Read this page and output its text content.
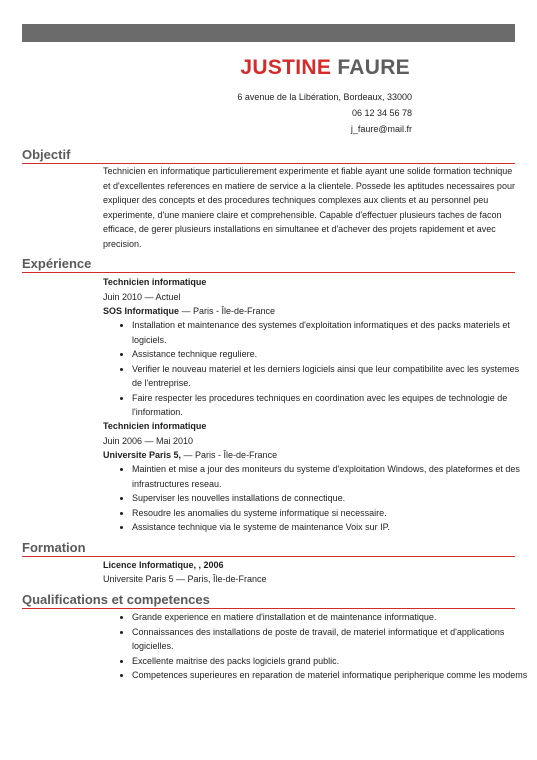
JUSTINE FAURE
6 avenue de la Libération, Bordeaux, 33000
06 12 34 56 78
j_faure@mail.fr
Objectif
Technicien en informatique particulierement experimente et fiable ayant une solide formation technique et d'excellentes references en matiere de service a la clientele. Possede les aptitudes necessaires pour expliquer des concepts et des procedures techniques complexes aux clients et au personnel peu experimente, d'une maniere claire et comprehensible. Capable d'effectuer plusieurs taches de facon efficace, de gerer plusieurs installations en simultanee et d'achever des projets rapidement et avec precision.
Expérience
Technicien informatique
Juin 2010 — Actuel
SOS Informatique — Paris - Île-de-France
• Installation et maintenance des systemes d'exploitation informatiques et des packs materiels et logiciels.
• Assistance technique reguliere.
• Verifier le nouveau materiel et les derniers logiciels ainsi que leur compatibilite avec les systemes de l'entreprise.
• Faire respecter les procedures techniques en coordination avec les equipes de technologie de l'information.
Technicien informatique
Juin 2006 — Mai 2010
Universite Paris 5, — Paris - Île-de-France
• Maintien et mise a jour des moniteurs du systeme d'exploitation Windows, des plateformes et des infrastructures reseau.
• Superviser les nouvelles installations de connectique.
• Resoudre les anomalies du systeme informatique si necessaire.
• Assistance technique via le systeme de maintenance Voix sur IP.
Formation
Licence Informatique, , 2006
Universite Paris 5 — Paris, Île-de-France
Qualifications et competences
• Grande experience en matiere d'installation et de maintenance informatique.
• Connaissances des installations de poste de travail, de materiel informatique et d'applications logicielles.
• Excellente maitrise des packs logiciels grand public.
• Competences superieures en reparation de materiel informatique peripherique comme les modems
